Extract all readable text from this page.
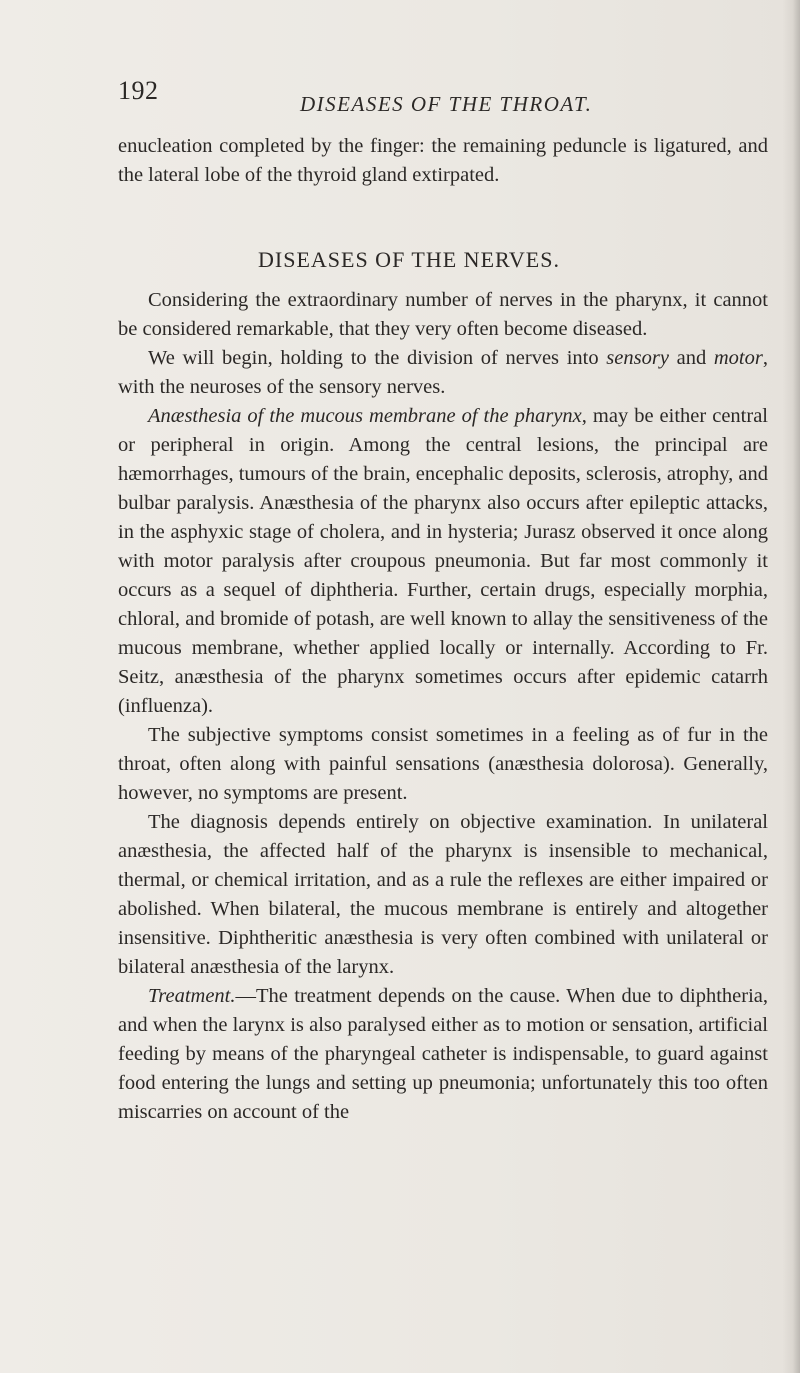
192	DISEASES OF THE THROAT.

enucleation completed by the finger: the remaining peduncle is ligatured, and the lateral lobe of the thyroid gland extirpated.

DISEASES OF THE NERVES.

Considering the extraordinary number of nerves in the pharynx, it cannot be considered remarkable, that they very often become diseased.

We will begin, holding to the division of nerves into sensory and motor, with the neuroses of the sensory nerves.

Anæsthesia of the mucous membrane of the pharynx, may be either central or peripheral in origin. Among the central lesions, the principal are hæmorrhages, tumours of the brain, encephalic deposits, sclerosis, atrophy, and bulbar paralysis. Anæsthesia of the pharynx also occurs after epileptic attacks, in the asphyxic stage of cholera, and in hysteria; Jurasz observed it once along with motor paralysis after croupous pneumonia. But far most commonly it occurs as a sequel of diphtheria. Further, certain drugs, especially morphia, chloral, and bromide of potash, are well known to allay the sensitiveness of the mucous membrane, whether applied locally or internally. According to Fr. Seitz, anæsthesia of the pharynx sometimes occurs after epidemic catarrh (influenza).

The subjective symptoms consist sometimes in a feeling as of fur in the throat, often along with painful sensations (anæsthesia dolorosa). Generally, however, no symptoms are present.

The diagnosis depends entirely on objective examination. In unilateral anæsthesia, the affected half of the pharynx is insensible to mechanical, thermal, or chemical irritation, and as a rule the reflexes are either impaired or abolished. When bilateral, the mucous membrane is entirely and altogether insensitive. Diphtheritic anæsthesia is very often combined with unilateral or bilateral anæsthesia of the larynx.

Treatment.—The treatment depends on the cause. When due to diphtheria, and when the larynx is also paralysed either as to motion or sensation, artificial feeding by means of the pharyngeal catheter is indispensable, to guard against food entering the lungs and setting up pneumonia; unfortunately this too often miscarries on account of the
